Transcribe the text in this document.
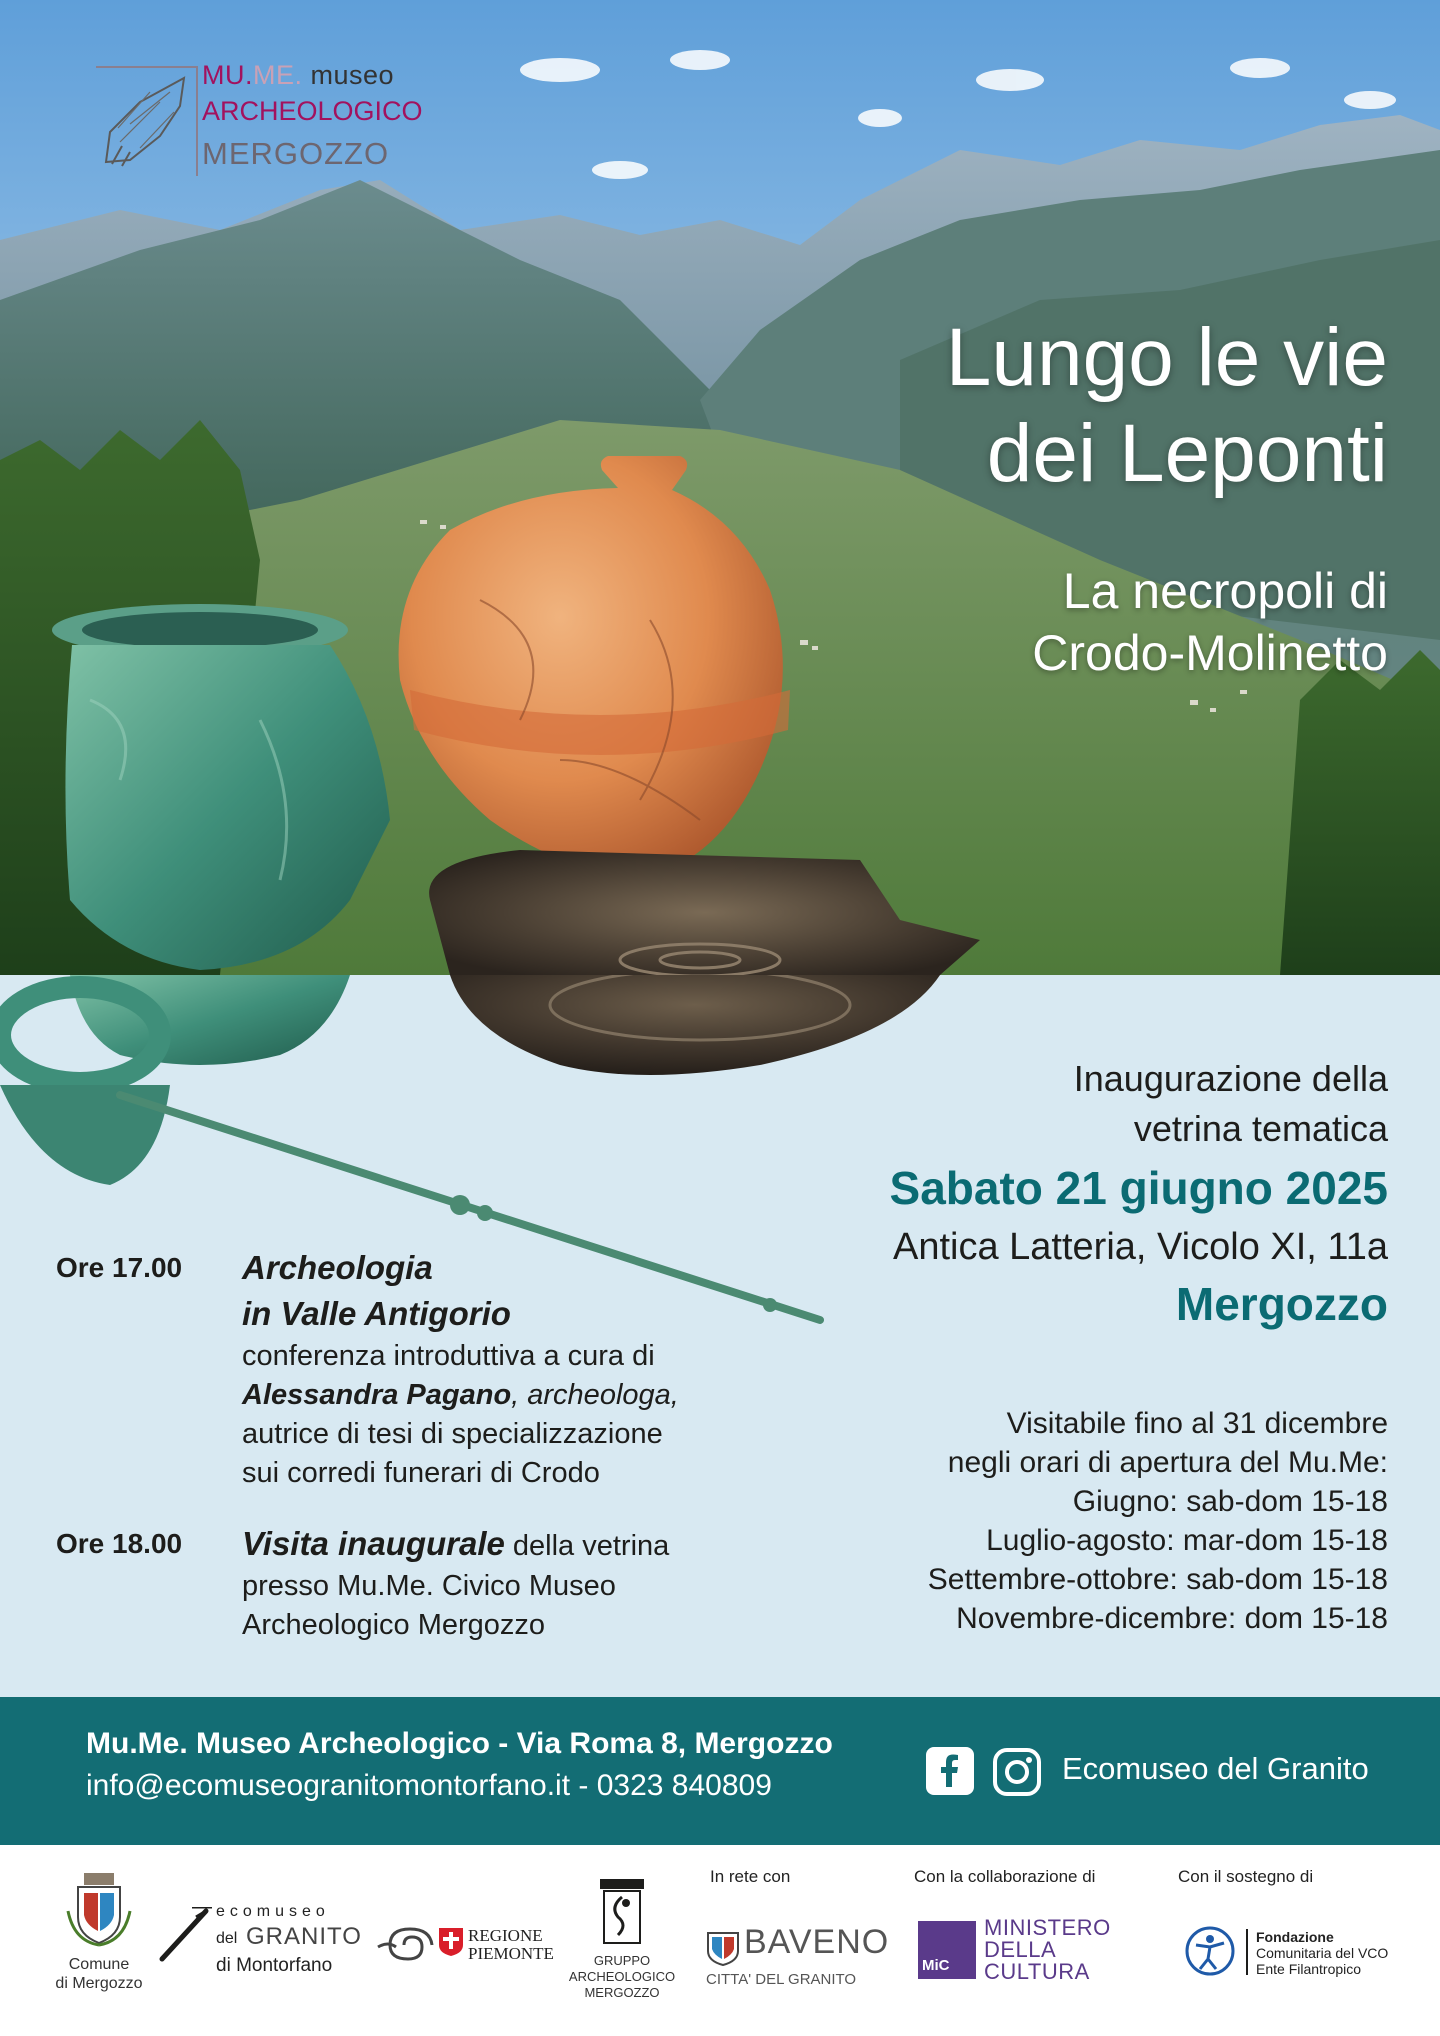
MU.ME. museo
ARCHEOLOGICO
MERGOZZO
Lungo le vie
dei Leponti
La necropoli di
Crodo-Molinetto
Inaugurazione della
vetrina tematica
Sabato 21 giugno 2025
Antica Latteria, Vicolo XI, 11a
Mergozzo
Visitabile fino al 31 dicembre
negli orari di apertura del Mu.Me:
Giugno: sab-dom 15-18
Luglio-agosto: mar-dom 15-18
Settembre-ottobre: sab-dom 15-18
Novembre-dicembre: dom 15-18
Ore 17.00	Archeologia
in Valle Antigorio
conferenza introduttiva a cura di
Alessandra Pagano, archeologa,
autrice di tesi di specializzazione
sui corredi funerari di Crodo
Ore 18.00	Visita inaugurale della vetrina
presso Mu.Me. Civico Museo
Archeologico Mergozzo
Mu.Me. Museo Archeologico - Via Roma 8, Mergozzo
info@ecomuseogranitomontorfano.it - 0323 840809	Ecomuseo del Granito
Comune
di Mergozzo
ecomuseo
del GRANITO
di Montorfano
REGIONE
PIEMONTE	GRUPPO
ARCHEOLOGICO
MERGOZZO
In rete con
BAVENO
CITTA' DEL GRANITO
Con la collaborazione di
MiC
MINISTERO
DELLA
CULTURA
Con il sostegno di
Fondazione
Comunitaria del VCO
Ente Filantropico
